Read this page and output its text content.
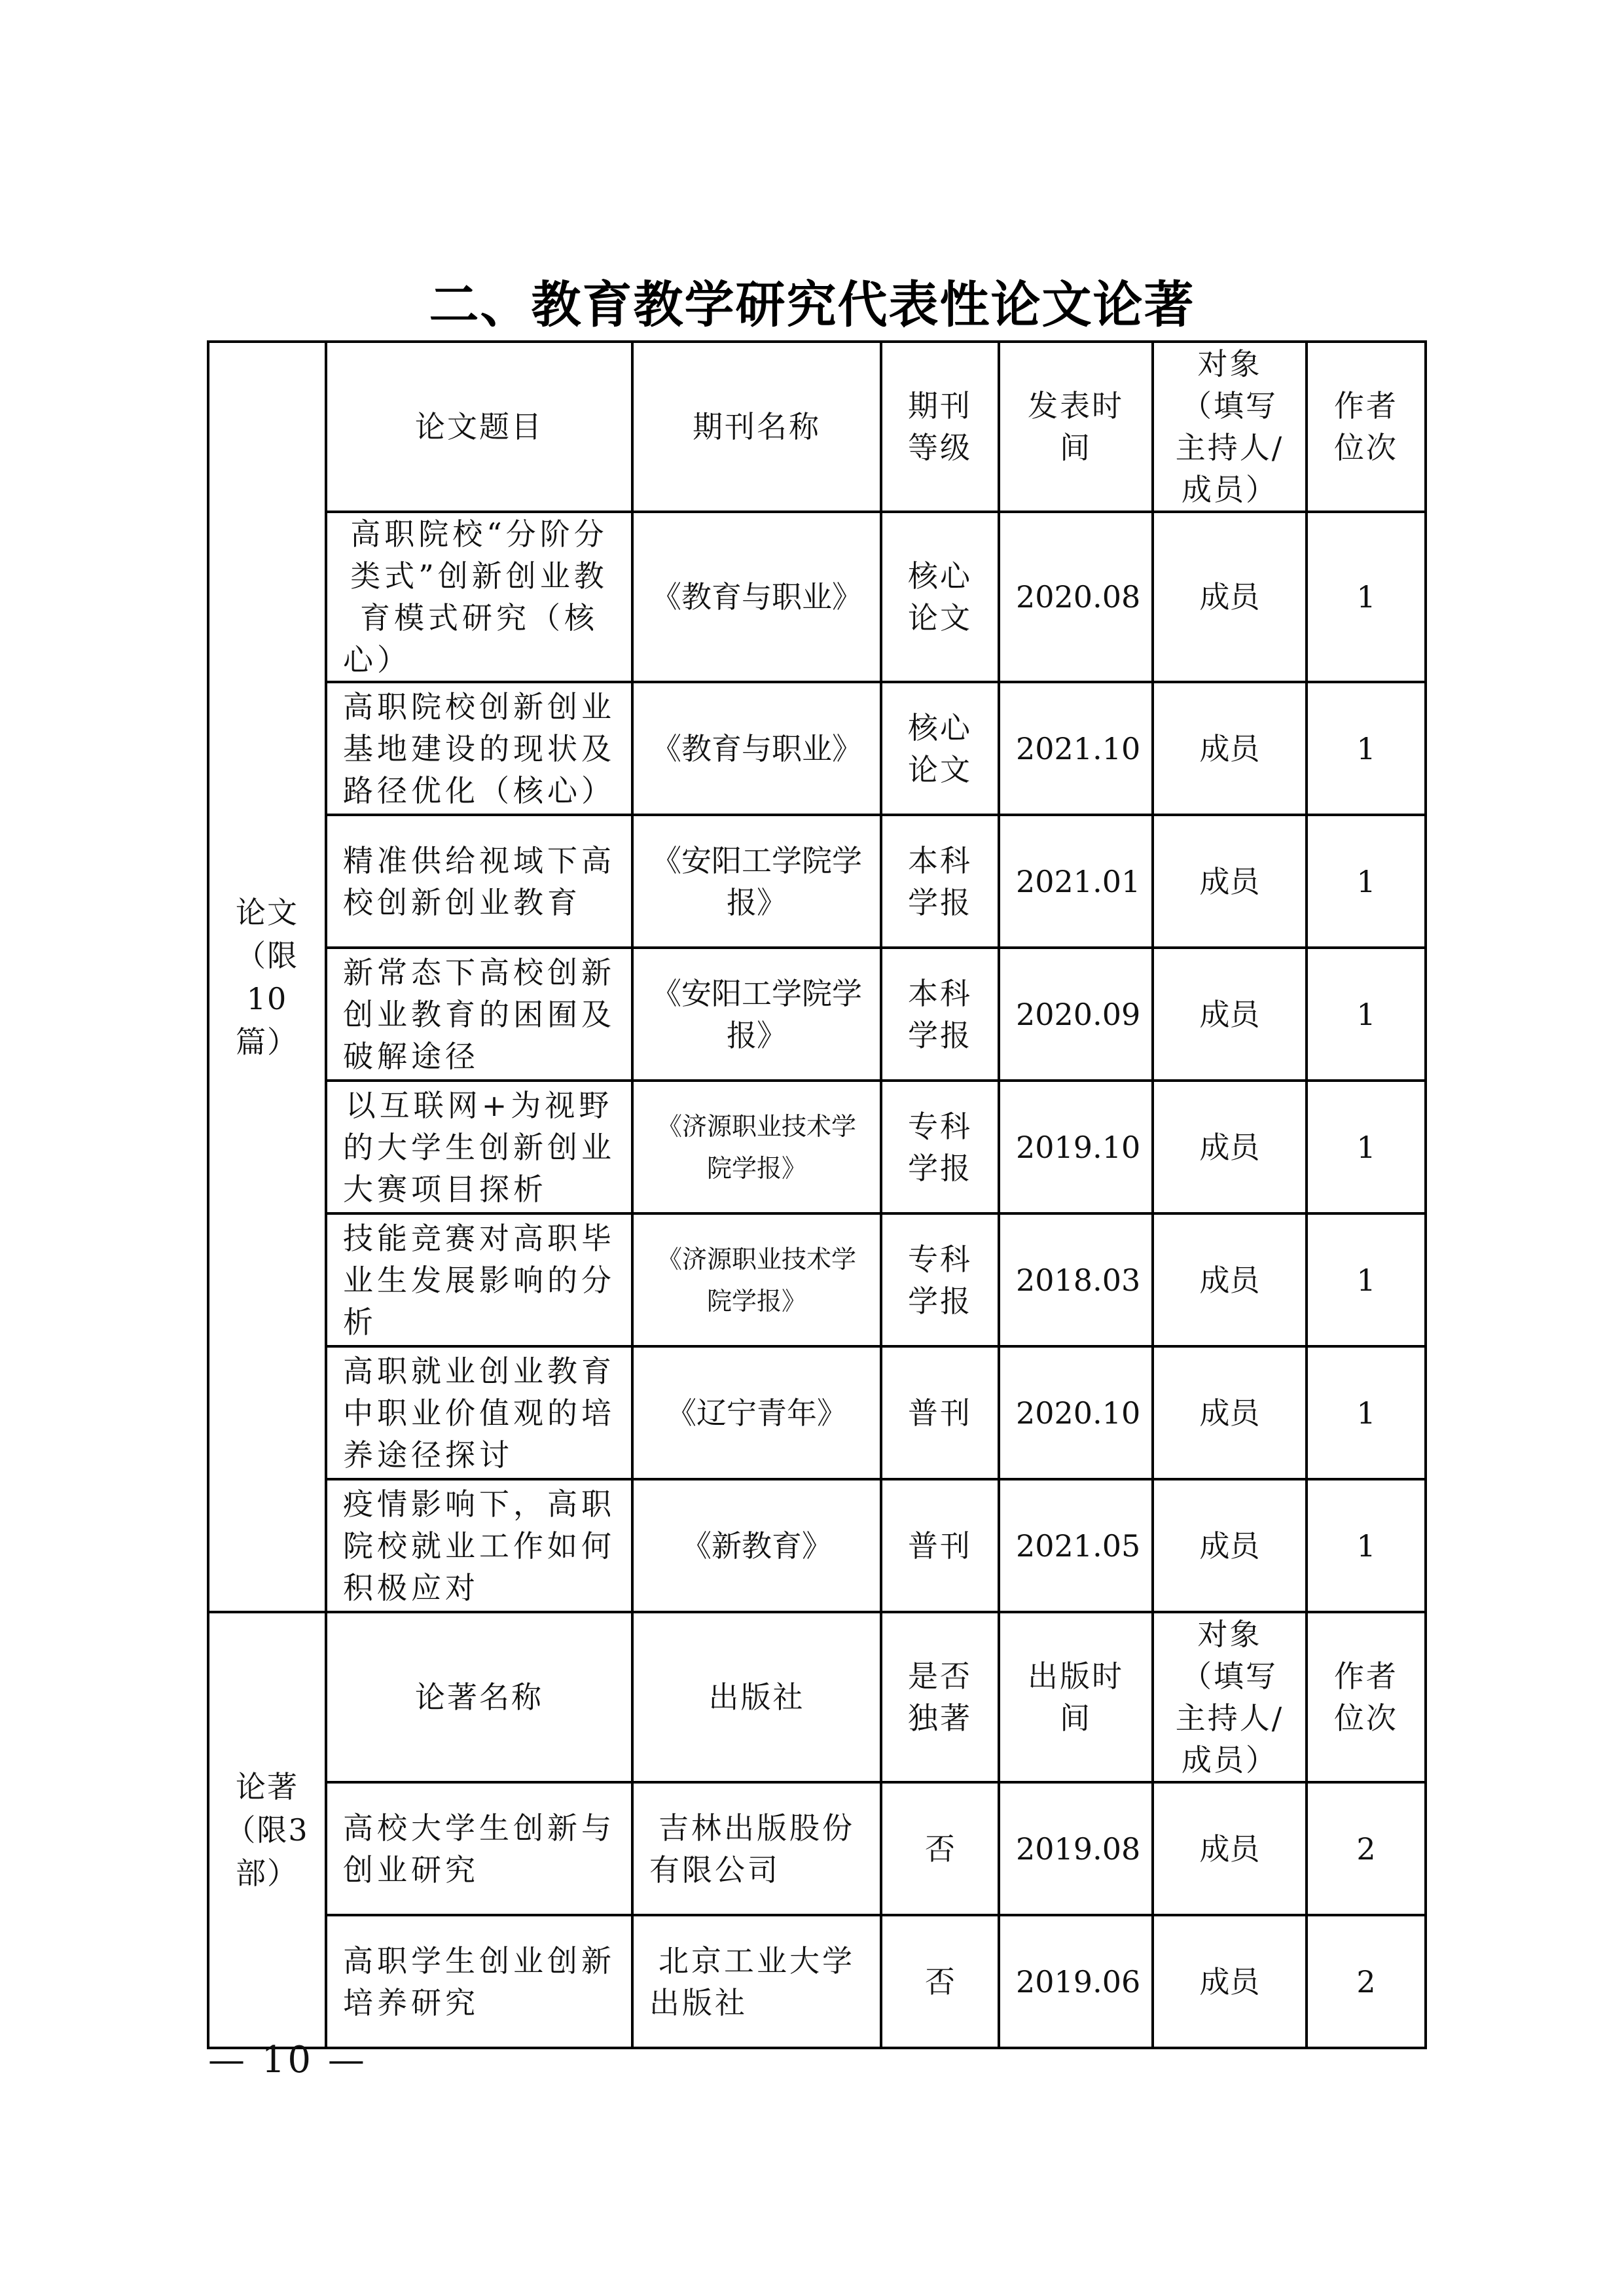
二、教育教学研究代表性论文论著
论文（限10篇）	论文题目	期刊名称	期刊等级	发表时间	对象（填写主持人/成员）	作者位次
	高职院校“分阶分类式”创新创业教育模式研究（核心）	《教育与职业》	核心论文	2020.08	成员	1
	高职院校创新创业基地建设的现状及路径优化（核心）	《教育与职业》	核心论文	2021.10	成员	1
	精准供给视域下高校创新创业教育	《安阳工学院学报》	本科学报	2021.01	成员	1
	新常态下高校创新创业教育的困囿及破解途径	《安阳工学院学报》	本科学报	2020.09	成员	1
	以互联网+为视野的大学生创新创业大赛项目探析	《济源职业技术学院学报》	专科学报	2019.10	成员	1
	技能竞赛对高职毕业生发展影响的分析	《济源职业技术学院学报》	专科学报	2018.03	成员	1
	高职就业创业教育中职业价值观的培养途径探讨	《辽宁青年》	普刊	2020.10	成员	1
	疫情影响下，高职院校就业工作如何积极应对	《新教育》	普刊	2021.05	成员	1
论著（限3部）	论著名称	出版社	是否独著	出版时间	对象（填写主持人/成员）	作者位次
	高校大学生创新与创业研究	吉林出版股份有限公司	否	2019.08	成员	2
	高职学生创业创新培养研究	北京工业大学出版社	否	2019.06	成员	2
— 10 —
